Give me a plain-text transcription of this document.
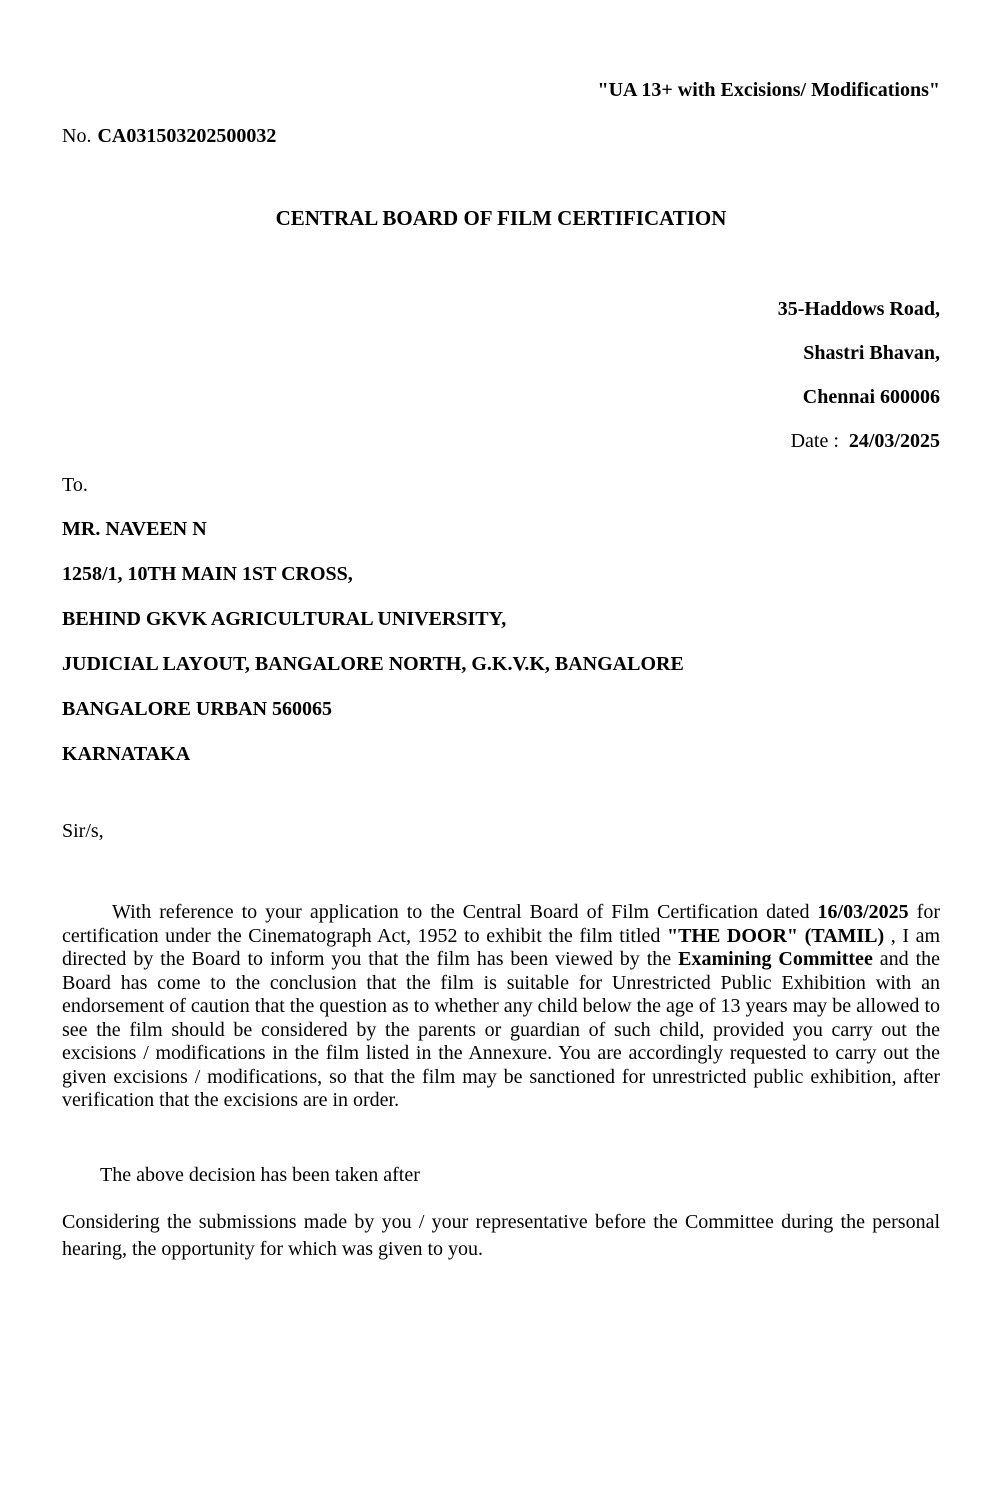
"UA 13+ with Excisions/ Modifications"
No. CA031503202500032
CENTRAL BOARD OF FILM CERTIFICATION
35-Haddows Road,
Shastri Bhavan,
Chennai 600006
Date : 24/03/2025
To.
MR. NAVEEN N
1258/1, 10TH MAIN 1ST CROSS,
BEHIND GKVK AGRICULTURAL UNIVERSITY,
JUDICIAL LAYOUT, BANGALORE NORTH, G.K.V.K, BANGALORE
BANGALORE URBAN 560065
KARNATAKA
Sir/s,
With reference to your application to the Central Board of Film Certification dated 16/03/2025 for certification under the Cinematograph Act, 1952 to exhibit the film titled "THE DOOR" (TAMIL) , I am directed by the Board to inform you that the film has been viewed by the Examining Committee and the Board has come to the conclusion that the film is suitable for Unrestricted Public Exhibition with an endorsement of caution that the question as to whether any child below the age of 13 years may be allowed to see the film should be considered by the parents or guardian of such child, provided you carry out the excisions / modifications in the film listed in the Annexure. You are accordingly requested to carry out the given excisions / modifications, so that the film may be sanctioned for unrestricted public exhibition, after verification that the excisions are in order.
The above decision has been taken after
Considering the submissions made by you / your representative before the Committee during the personal hearing, the opportunity for which was given to you.
